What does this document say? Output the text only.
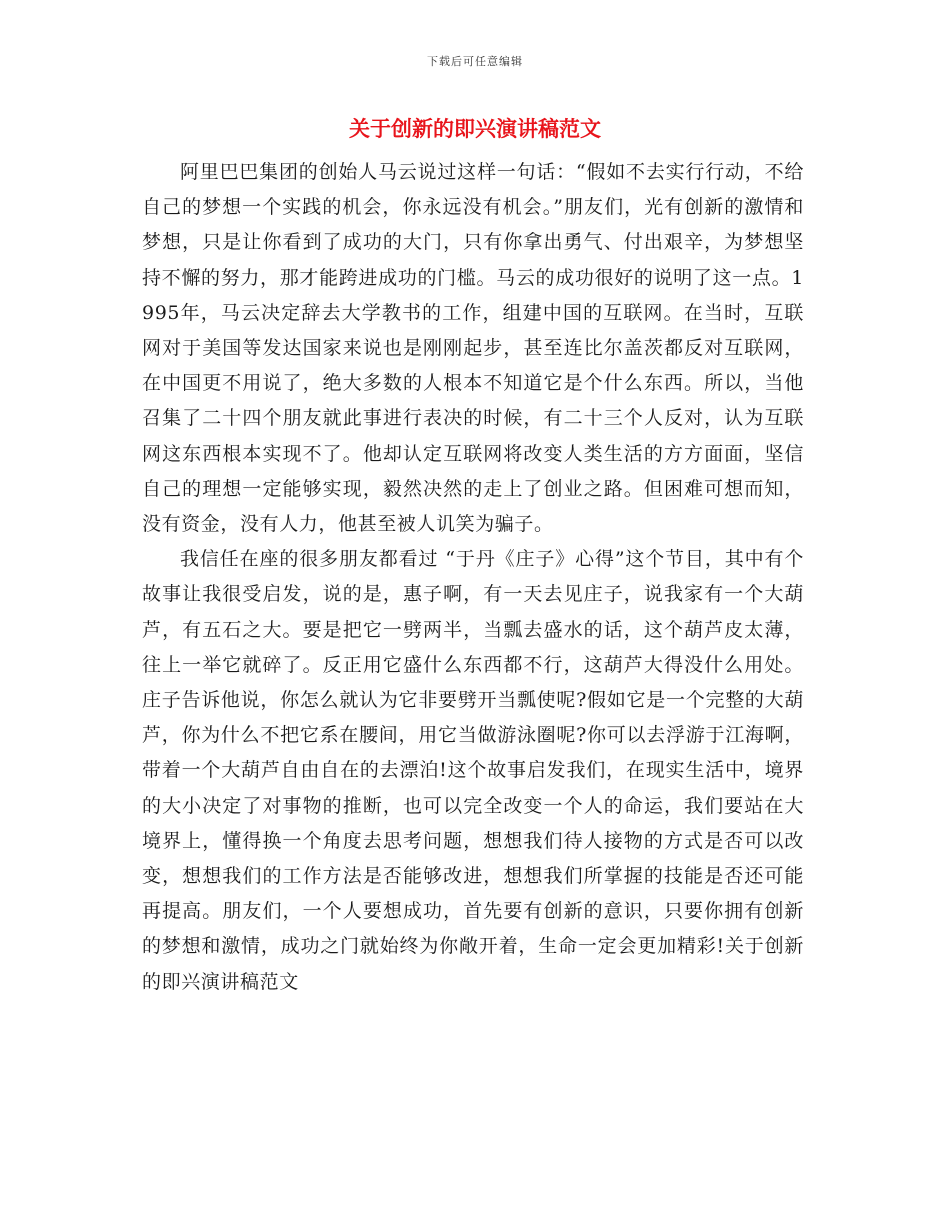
下载后可任意编辑
关于创新的即兴演讲稿范文

阿里巴巴集团的创始人马云说过这样一句话：“假如不去实行行动，不给自己的梦想一个实践的机会，你永远没有机会。”朋友们，光有创新的激情和梦想，只是让你看到了成功的大门，只有你拿出勇气、付出艰辛，为梦想坚持不懈的努力，那才能跨进成功的门槛。马云的成功很好的说明了这一点。1995年，马云决定辞去大学教书的工作，组建中国的互联网。在当时，互联网对于美国等发达国家来说也是刚刚起步，甚至连比尔盖茨都反对互联网，在中国更不用说了，绝大多数的人根本不知道它是个什么东西。所以，当他召集了二十四个朋友就此事进行表决的时候，有二十三个人反对，认为互联网这东西根本实现不了。他却认定互联网将改变人类生活的方方面面，坚信自己的理想一定能够实现，毅然决然的走上了创业之路。但困难可想而知，没有资金，没有人力，他甚至被人讥笑为骗子。

我信任在座的很多朋友都看过 “于丹《庄子》心得”这个节目，其中有个故事让我很受启发，说的是，惠子啊，有一天去见庄子，说我家有一个大葫芦，有五石之大。要是把它一劈两半，当瓢去盛水的话，这个葫芦皮太薄，往上一举它就碎了。反正用它盛什么东西都不行，这葫芦大得没什么用处。庄子告诉他说，你怎么就认为它非要劈开当瓢使呢?假如它是一个完整的大葫芦，你为什么不把它系在腰间，用它当做游泳圈呢?你可以去浮游于江海啊，带着一个大葫芦自由自在的去漂泊!这个故事启发我们，在现实生活中，境界的大小决定了对事物的推断，也可以完全改变一个人的命运，我们要站在大境界上，懂得换一个角度去思考问题，想想我们待人接物的方式是否可以改变，想想我们的工作方法是否能够改进，想想我们所掌握的技能是否还可能再提高。朋友们，一个人要想成功，首先要有创新的意识，只要你拥有创新的梦想和激情，成功之门就始终为你敞开着，生命一定会更加精彩!关于创新的即兴演讲稿范文
